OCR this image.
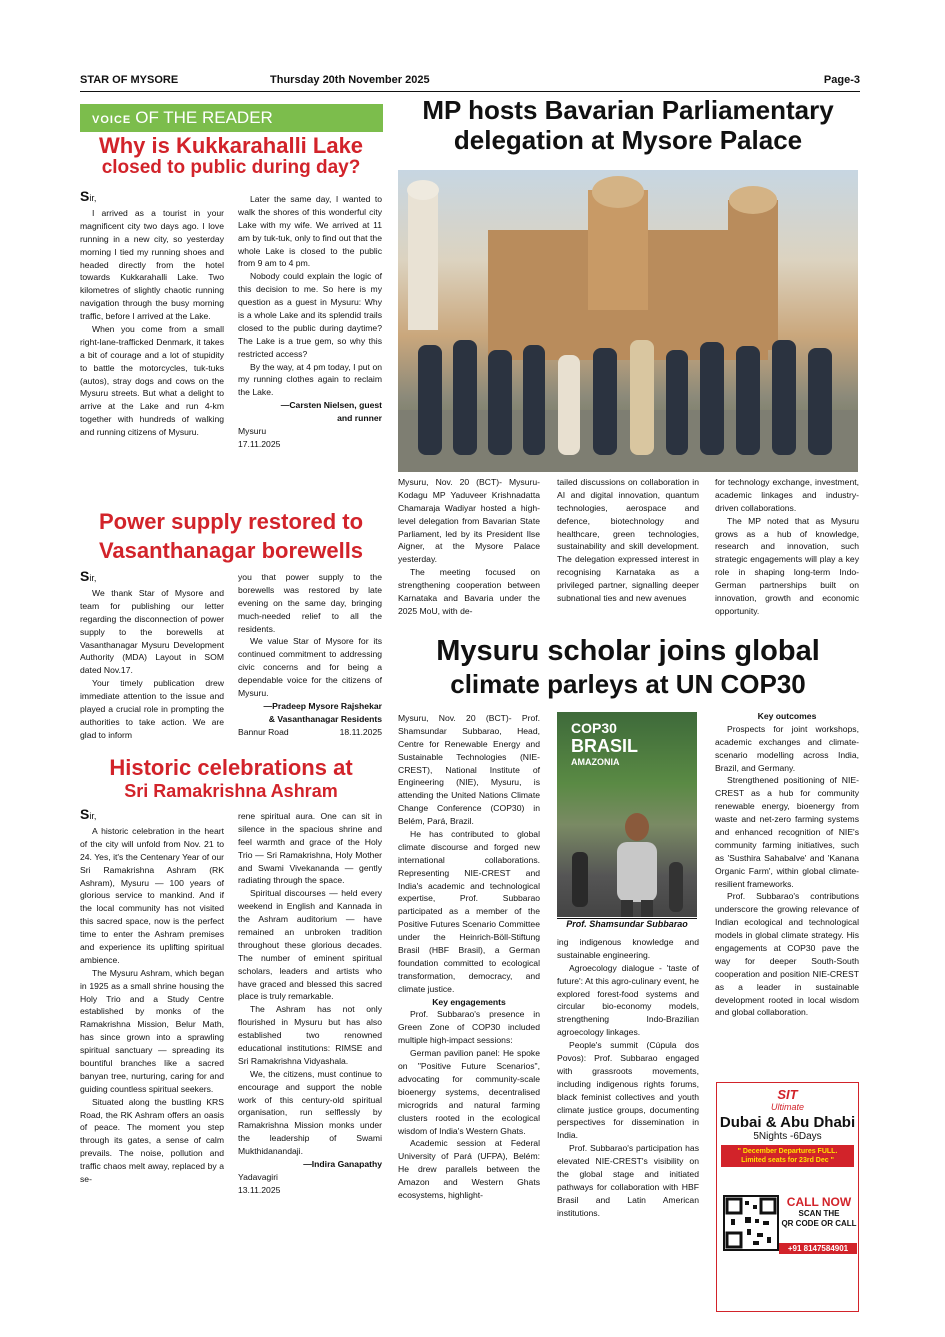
STAR OF MYSORE	Thursday 20th November 2025	Page-3
VOICE OF THE READER
Why is Kukkarahalli Lake
closed to public during day?

Sir,

I arrived as a tourist in your magnificent city two days ago. I love running in a new city, so yesterday morning I tied my running shoes and headed directly from the hotel towards Kukkarahalli Lake. Two kilometres of slightly chaotic running navigation through the busy morning traffic, before I arrived at the Lake.

When you come from a small right-lane-trafficked Denmark, it takes a bit of courage and a lot of stupidity to battle the motorcycles, tuk-tuks (autos), stray dogs and cows on the Mysuru streets. But what a delight to arrive at the Lake and run 4-km together with hundreds of walking and running citizens of Mysuru.

Later the same day, I wanted to walk the shores of this wonderful city Lake with my wife. We arrived at 11 am by tuk-tuk, only to find out that the whole Lake is closed to the public from 9 am to 4 pm.

Nobody could explain the logic of this decision to me. So here is my question as a guest in Mysuru: Why is a whole Lake and its splendid trails closed to the public during daytime? The Lake is a true gem, so why this restricted access?

By the way, at 4 pm today, I put on my running clothes again to reclaim the Lake.

—Carsten Nielsen, guest

and runner

Mysuru

17.11.2025

Power supply restored to
Vasanthanagar borewells

Sir,

We thank Star of Mysore and team for publishing our letter regarding the disconnection of power supply to the borewells at Vasanthanagar Mysuru Development Authority (MDA) Layout in SOM dated Nov.17.

Your timely publication drew immediate attention to the issue and played a crucial role in prompting the authorities to take action. We are glad to inform

you that power supply to the borewells was restored by late evening on the same day, bringing much-needed relief to all the residents.

We value Star of Mysore for its continued commitment to addressing civic concerns and for being a dependable voice for the citizens of Mysuru.

—Pradeep Mysore Rajshekar

& Vasanthanagar Residents

Bannur Road	18.11.2025
Historic celebrations at
Sri Ramakrishna Ashram

Sir,

A historic celebration in the heart of the city will unfold from Nov. 21 to 24. Yes, it's the Centenary Year of our Sri Ramakrishna Ashram (RK Ashram), Mysuru — 100 years of glorious service to mankind. And if the local community has not visited this sacred space, now is the perfect time to enter the Ashram premises and experience its uplifting spiritual ambience.

The Mysuru Ashram, which began in 1925 as a small shrine housing the Holy Trio and a Study Centre established by monks of the Ramakrishna Mission, Belur Math, has since grown into a sprawling spiritual sanctuary — spreading its bountiful branches like a sacred banyan tree, nurturing, caring for and guiding countless spiritual seekers.

Situated along the bustling KRS Road, the RK Ashram offers an oasis of peace. The moment you step through its gates, a sense of calm prevails. The noise, pollution and traffic chaos melt away, replaced by a se-

rene spiritual aura. One can sit in silence in the spacious shrine and feel warmth and grace of the Holy Trio — Sri Ramakrishna, Holy Mother and Swami Vivekananda — gently radiating through the space.

Spiritual discourses — held every weekend in English and Kannada in the Ashram auditorium — have remained an unbroken tradition throughout these glorious decades. The number of eminent spiritual scholars, leaders and artists who have graced and blessed this sacred place is truly remarkable.

The Ashram has not only flourished in Mysuru but has also established two renowned educational institutions: RIMSE and Sri Ramakrishna Vidyashala.

We, the citizens, must continue to encourage and support the noble work of this century-old spiritual organisation, run selflessly by Ramakrishna Mission monks under the leadership of Swami Mukthidanandaji.

—Indira Ganapathy

Yadavagiri

13.11.2025

MP hosts Bavarian Parliamentary
delegation at Mysore Palace

Mysuru, Nov. 20 (BCT)- Mysuru-Kodagu MP Yaduveer Krishnadatta Chamaraja Wadiyar hosted a high-level delegation from Bavarian State Parliament, led by its President Ilse Aigner, at the Mysore Palace yesterday.

The meeting focused on strengthening cooperation between Karnataka and Bavaria under the 2025 MoU, with de-

tailed discussions on collaboration in AI and digital innovation, quantum technologies, aerospace and defence, biotechnology and healthcare, green technologies, sustainability and skill development. The delegation expressed interest in recognising Karnataka as a privileged partner, signalling deeper subnational ties and new avenues

for technology exchange, investment, academic linkages and industry-driven collaborations.

The MP noted that as Mysuru grows as a hub of knowledge, research and innovation, such strategic engagements will play a key role in shaping long-term Indo-German partnerships built on innovation, growth and economic opportunity.

Mysuru scholar joins global
climate parleys at UN COP30
COP30
BRASIL
AMAZONIA
Prof. Shamsundar Subbarao

Mysuru, Nov. 20 (BCT)- Prof. Shamsundar Subbarao, Head, Centre for Renewable Energy and Sustainable Technologies (NIE-CREST), National Institute of Engineering (NIE), Mysuru, is attending the United Nations Climate Change Conference (COP30) in Belém, Pará, Brazil.

He has contributed to global climate discourse and forged new international collaborations. Representing NIE-CREST and India's academic and technological expertise, Prof. Subbarao participated as a member of the Positive Futures Scenario Committee under the Heinrich-Böll-Stiftung Brasil (HBF Brasil), a German foundation committed to ecological transformation, democracy, and climate justice.

Key engagements

Prof. Subbarao's presence in Green Zone of COP30 included multiple high-impact sessions:

German pavilion panel: He spoke on "Positive Future Scenarios", advocating for community-scale bioenergy systems, decentralised microgrids and natural farming clusters rooted in the ecological wisdom of India's Western Ghats.

Academic session at Federal University of Pará (UFPA), Belém: He drew parallels between the Amazon and Western Ghats ecosystems, highlight-

ing indigenous knowledge and sustainable engineering.

Agroecology dialogue - 'taste of future': At this agro-culinary event, he explored forest-food systems and circular bio-economy models, strengthening Indo-Brazilian agroecology linkages.

People's summit (Cúpula dos Povos): Prof. Subbarao engaged with grassroots movements, including indigenous rights forums, black feminist collectives and youth climate justice groups, documenting perspectives for dissemination in India.

Prof. Subbarao's participation has elevated NIE-CREST's visibility on the global stage and initiated pathways for collaboration with HBF Brasil and Latin American institutions.

Key outcomes

Prospects for joint workshops, academic exchanges and climate-scenario modelling across India, Brazil, and Germany.

Strengthened positioning of NIE-CREST as a hub for community renewable energy, bioenergy from waste and net-zero farming systems and enhanced recognition of NIE's community farming initiatives, such as 'Susthira Sahabalve' and 'Kanana Organic Farm', within global climate-resilient frameworks.

Prof. Subbarao's contributions underscore the growing relevance of Indian ecological and technological models in global climate strategy. His engagements at COP30 pave the way for deeper South-South cooperation and position NIE-CREST as a leader in sustainable development rooted in local wisdom and global collaboration.

SIT
Ultimate
Dubai & Abu Dhabi
5Nights -6Days
" December Departures FULL.
Limited seats for 23rd Dec "
CALL NOW
SCAN THE
QR CODE OR CALL
+91 8147584901
